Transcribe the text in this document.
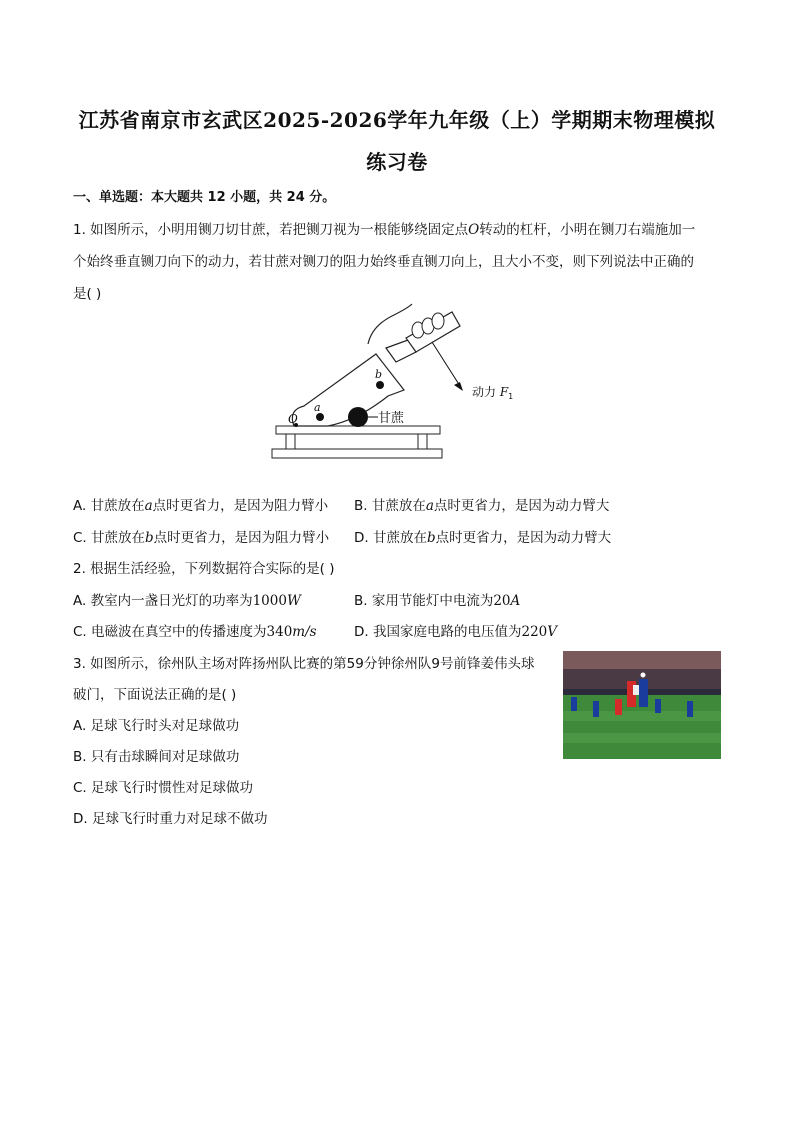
江苏省南京市玄武区2025-2026学年九年级（上）学期期末物理模拟
练习卷
一、单选题：本大题共 12 小题，共 24 分。
1. 如图所示，小明用铡刀切甘蔗，若把铡刀视为一根能够绕固定点O转动的杠杆，小明在铡刀右端施加一
个始终垂直铡刀向下的动力，若甘蔗对铡刀的阻力始终垂直铡刀向上，且大小不变，则下列说法中正确的
是( )
O
a
b
甘蔗
动力 $F_1$
A. 甘蔗放在a点时更省力，是因为阻力臂小 B. 甘蔗放在a点时更省力，是因为动力臂大
C. 甘蔗放在b点时更省力，是因为阻力臂小 D. 甘蔗放在b点时更省力，是因为动力臂大
2. 根据生活经验，下列数据符合实际的是( )
A. 教室内一盏日光灯的功率为1000W	B. 家用节能灯中电流为20A
C. 电磁波在真空中的传播速度为340m/s	D. 我国家庭电路的电压值为220V
3. 如图所示，徐州队主场对阵扬州队比赛的第59分钟徐州队9号前锋姜伟头球
破门，下面说法正确的是( )
A. 足球飞行时头对足球做功
B. 只有击球瞬间对足球做功
C. 足球飞行时惯性对足球做功
D. 足球飞行时重力对足球不做功
